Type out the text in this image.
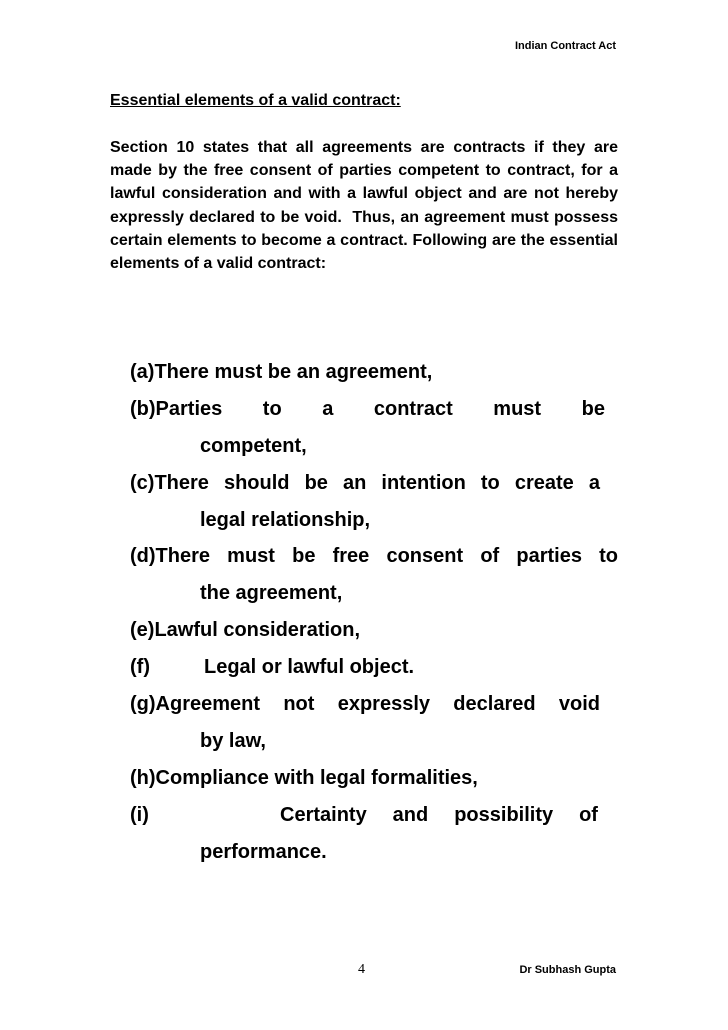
Indian Contract Act

Essential elements of a valid contract:

Section 10 states that all agreements are contracts if they are made by the free consent of parties competent to contract, for a lawful consideration and with a lawful object and are not hereby expressly declared to be void.  Thus, an agreement must possess certain elements to become a contract. Following are the essential elements of a valid contract:

(a)There must be an agreement,
(b)Parties to a contract must be
competent,
(c)There should be an intention to create a
legal relationship,
(d)There must be free consent of parties to
the agreement,
(e)Lawful consideration,
(f)	Legal or lawful object.
(g)Agreement not expressly declared void
by law,
(h)Compliance with legal formalities,
(i)	Certainty and possibility of
performance.

4	Dr Subhash Gupta
